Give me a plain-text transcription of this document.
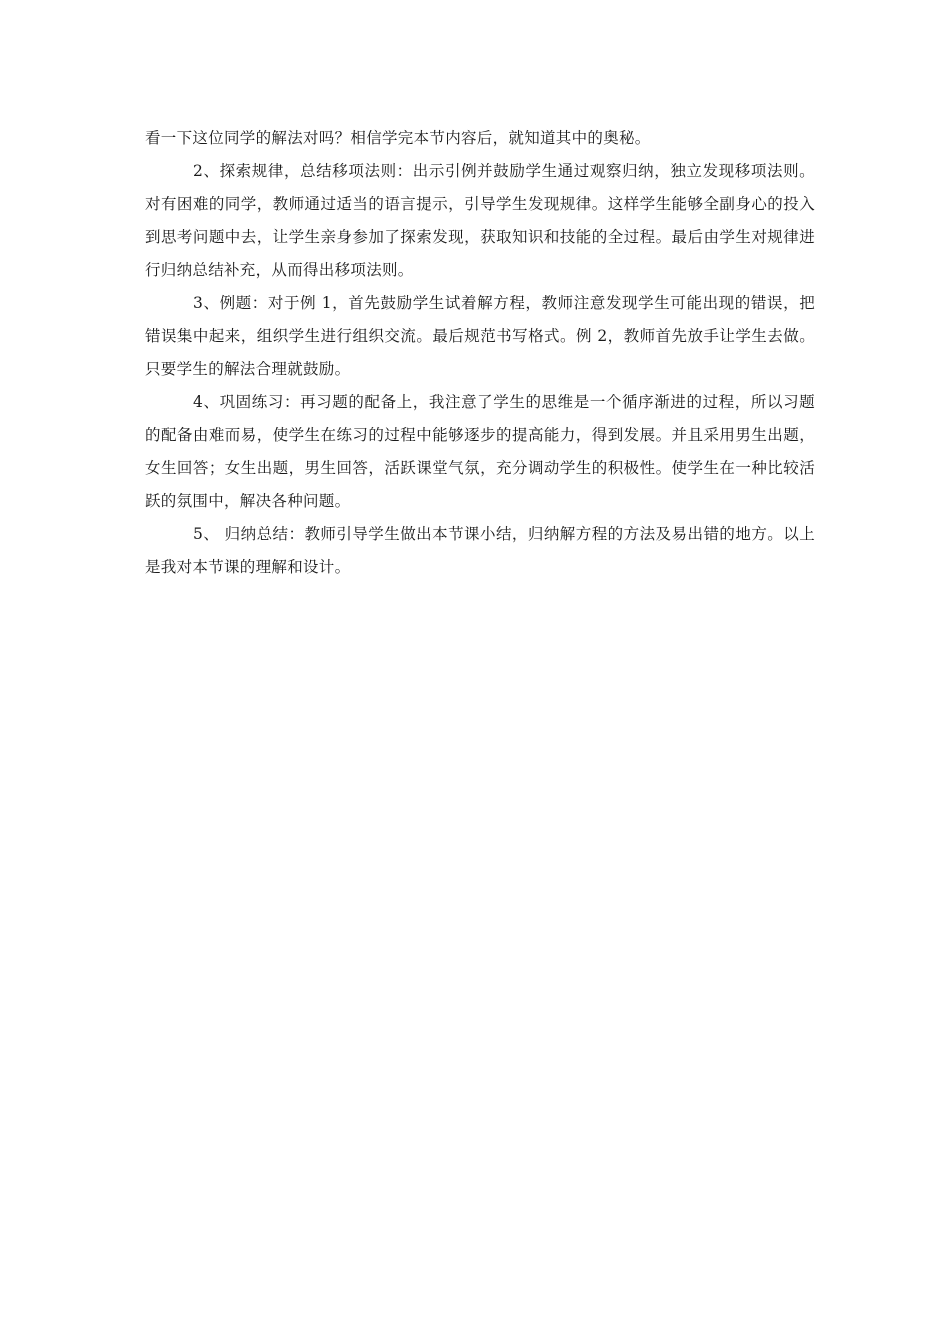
看一下这位同学的解法对吗？相信学完本节内容后，就知道其中的奥秘。

2、探索规律，总结移项法则：出示引例并鼓励学生通过观察归纳，独立发现移项法则。对有困难的同学，教师通过适当的语言提示，引导学生发现规律。这样学生能够全副身心的投入到思考问题中去，让学生亲身参加了探索发现，获取知识和技能的全过程。最后由学生对规律进行归纳总结补充，从而得出移项法则。

3、例题：对于例 1，首先鼓励学生试着解方程，教师注意发现学生可能出现的错误，把错误集中起来，组织学生进行组织交流。最后规范书写格式。例 2，教师首先放手让学生去做。只要学生的解法合理就鼓励。

4、巩固练习：再习题的配备上，我注意了学生的思维是一个循序渐进的过程，所以习题的配备由难而易，使学生在练习的过程中能够逐步的提高能力，得到发展。并且采用男生出题，女生回答；女生出题，男生回答，活跃课堂气氛，充分调动学生的积极性。使学生在一种比较活跃的氛围中，解决各种问题。

5、 归纳总结：教师引导学生做出本节课小结，归纳解方程的方法及易出错的地方。以上是我对本节课的理解和设计。
